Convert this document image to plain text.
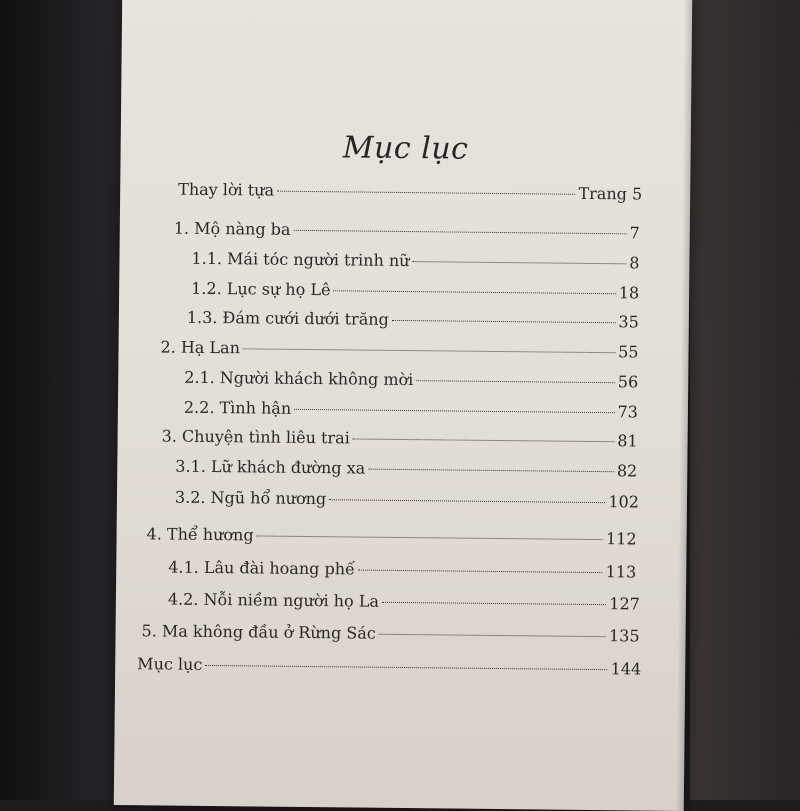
Mục lục
Thay lời tựa	Trang 5
1. Mộ nàng ba	7
1.1. Mái tóc người trinh nữ	8
1.2. Lục sự họ Lê	18
1.3. Đám cưới dưới trăng	35
2. Hạ Lan	55
2.1. Người khách không mời	56
2.2. Tình hận	73
3. Chuyện tình liêu trai	81
3.1. Lữ khách đường xa	82
3.2. Ngũ hổ nương	102
4. Thể hương	112
4.1. Lâu đài hoang phế	113
4.2. Nỗi niềm người họ La	127
5. Ma không đầu ở Rừng Sác	135
Mục lục	144
